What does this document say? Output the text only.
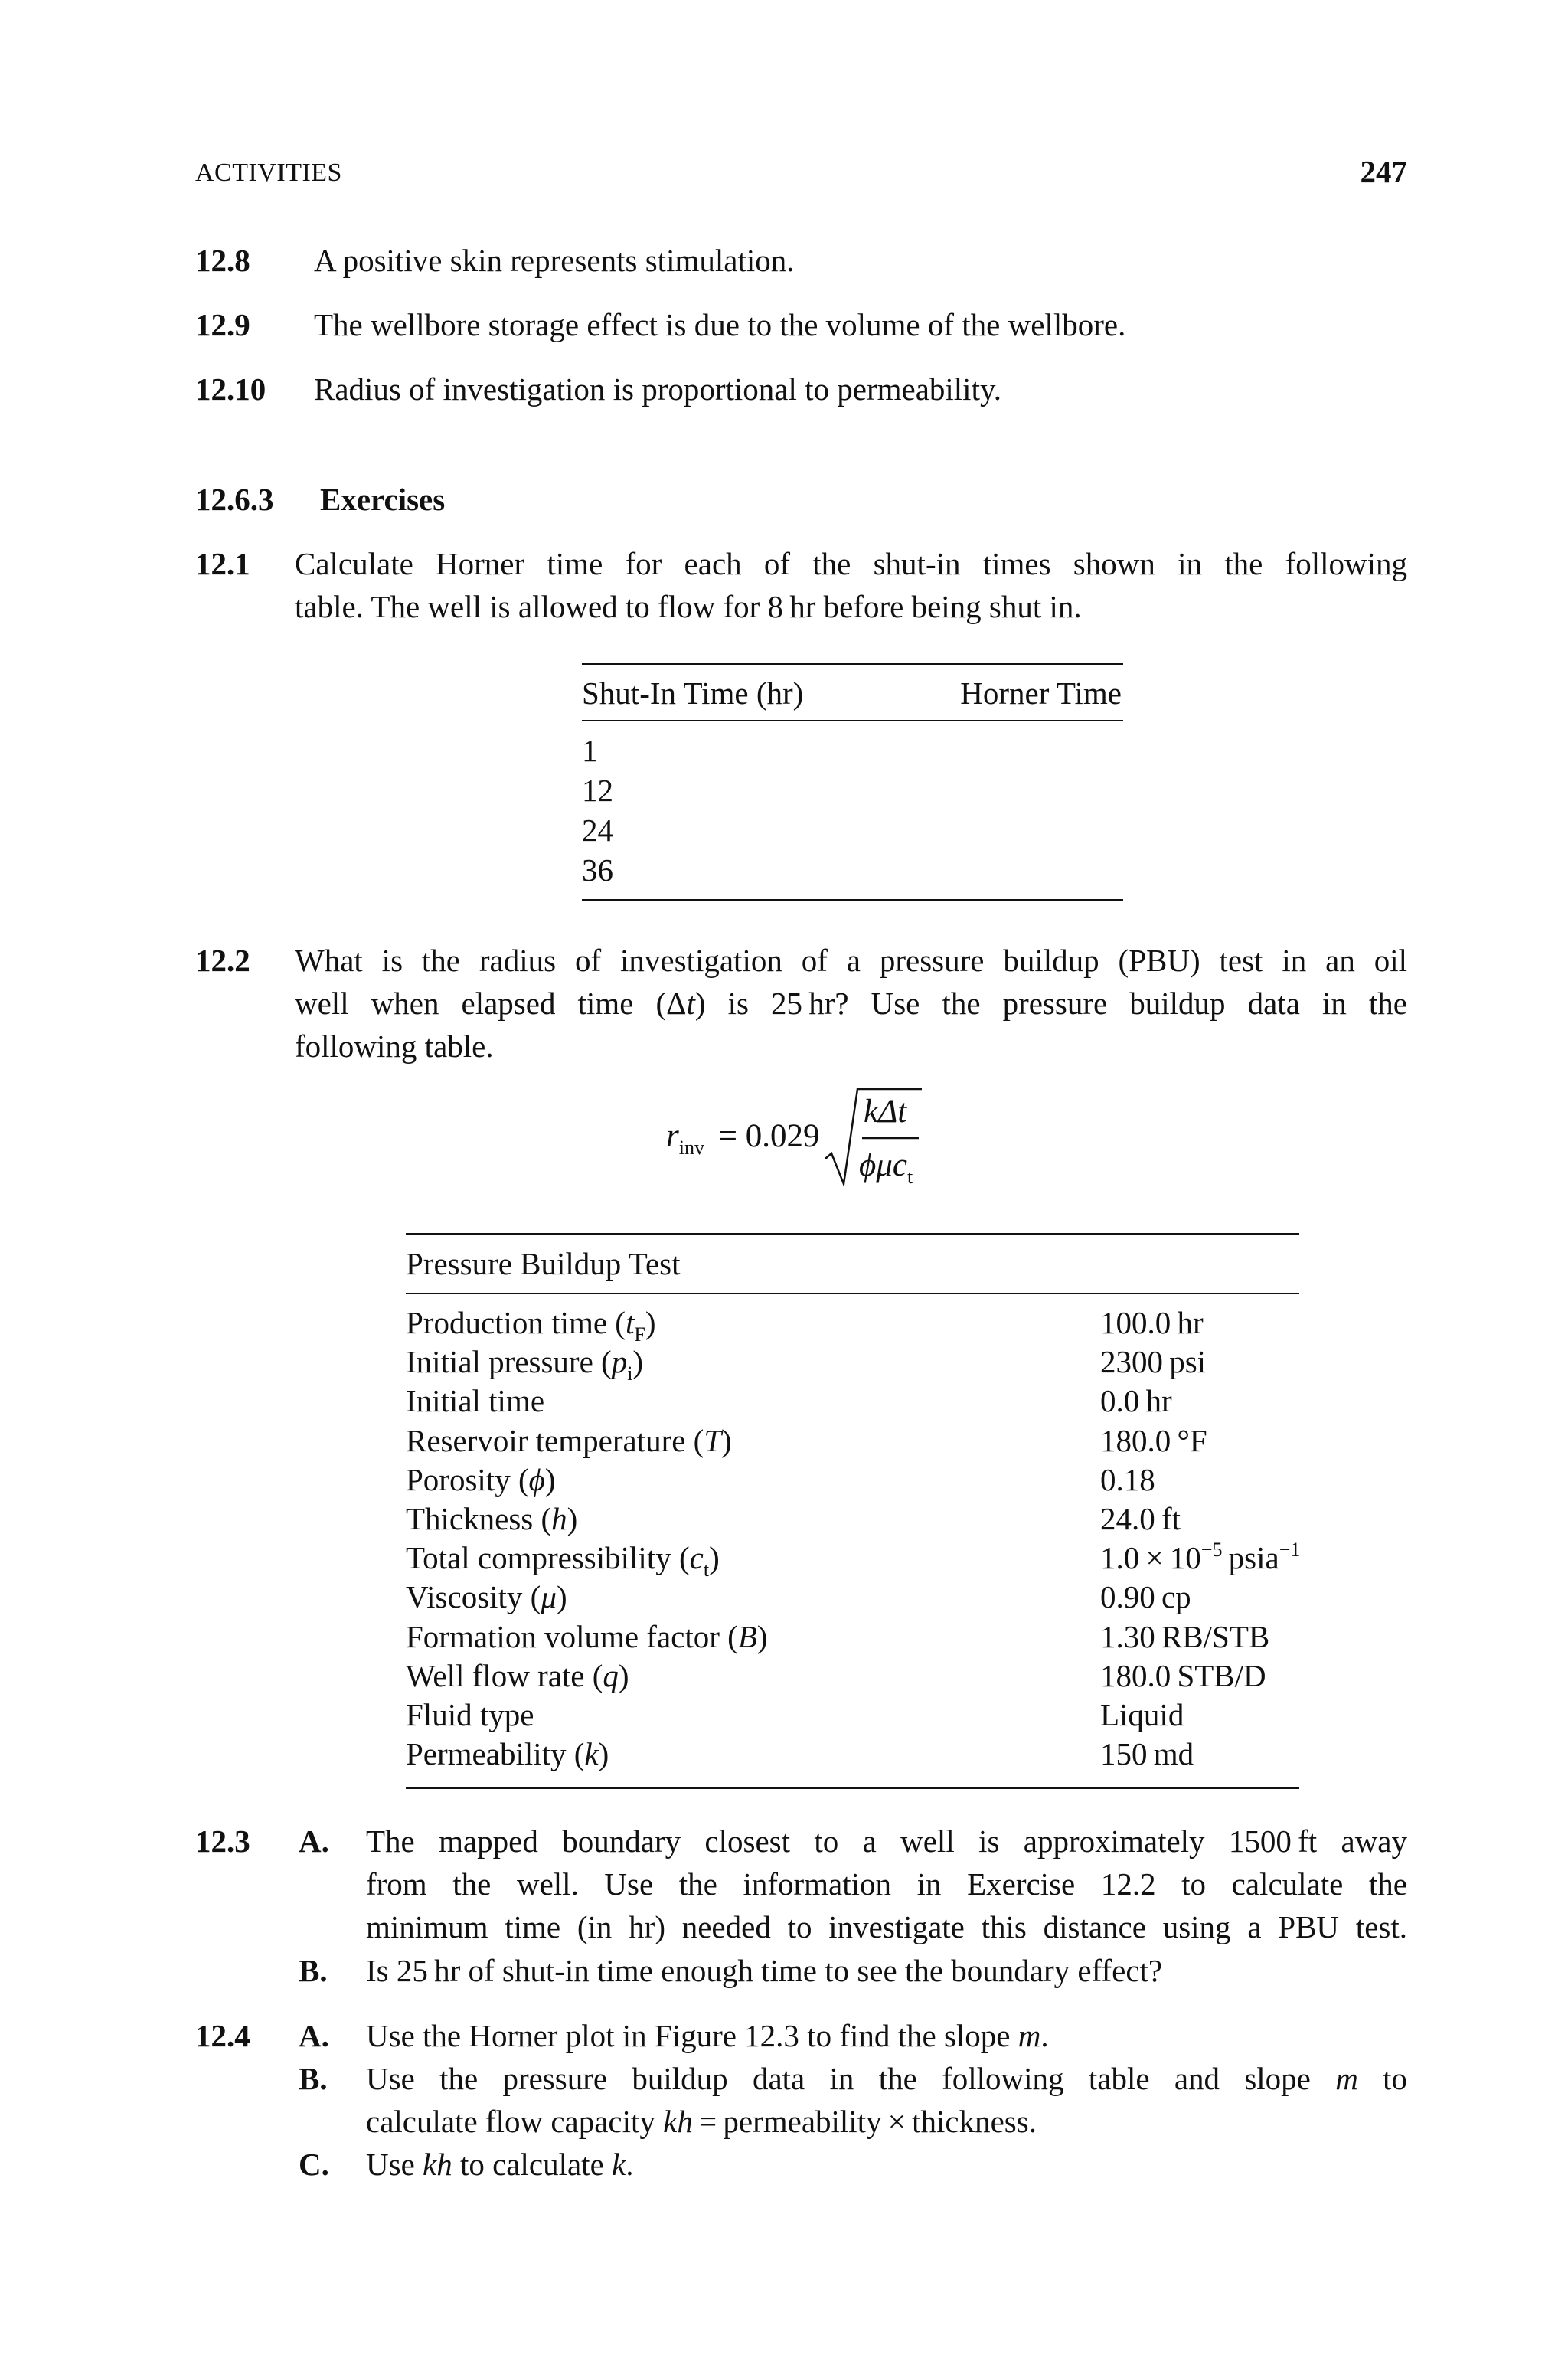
ACTIVITIES	247
12.8 A positive skin represents stimulation.
12.9 The wellbore storage effect is due to the volume of the wellbore.
12.10 Radius of investigation is proportional to permeability.
12.6.3 Exercises
12.1 Calculate Horner time for each of the shut-in times shown in the following
table. The well is allowed to flow for 8 hr before being shut in.
Shut-In Time (hr)	Horner Time
1
12
24
36
12.2 What is the radius of investigation of a pressure buildup (PBU) test in an oil
well when elapsed time (Δt) is 25 hr? Use the pressure buildup data in the
following table.
$r_{inv} = 0.029$
kΔt
ϕμc$_t$
Pressure Buildup Test
Production time $(t_F)$	100.0 hr
Initial pressure $(p_i)$	2300 psi
Initial time	0.0 hr
Reservoir temperature (T)	180.0 °F
Porosity (ϕ)	0.18
Thickness (h)	24.0 ft
Total compressibility $(c_t)$	$1.0 \times 10^{-5}$ psia$^{-1}$
Viscosity (μ)	0.90 cp
Formation volume factor (B)	1.30 RB/STB
Well flow rate (q)	180.0 STB/D
Fluid type	Liquid
Permeability (k)	150 md
12.3 A. The mapped boundary closest to a well is approximately 1500 ft away
from the well. Use the information in Exercise 12.2 to calculate the
minimum time (in hr) needed to investigate this distance using a PBU test.
B. Is 25 hr of shut-in time enough time to see the boundary effect?
12.4 A. Use the Horner plot in Figure 12.3 to find the slope m.
B. Use the pressure buildup data in the following table and slope m to
calculate flow capacity kh = permeability × thickness.
C. Use kh to calculate k.
